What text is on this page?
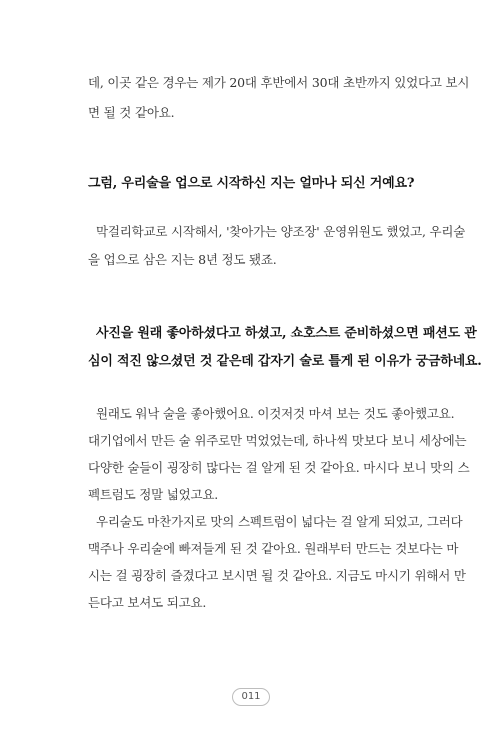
데, 이곳 같은 경우는 제가 20대 후반에서 30대 초반까지 있었다고 보시
면 될 것 같아요.
그럼, 우리술을 업으로 시작하신 지는 얼마나 되신 거예요?
막걸리학교로 시작해서, '찾아가는 양조장' 운영위원도 했었고, 우리술
을 업으로 삼은 지는 8년 정도 됐죠.
사진을 원래 좋아하셨다고 하셨고, 쇼호스트 준비하셨으면 패션도 관
심이 적진 않으셨던 것 같은데 갑자기 술로 틀게 된 이유가 궁금하네요.
원래도 워낙 술을 좋아했어요. 이것저것 마셔 보는 것도 좋아했고요.
대기업에서 만든 술 위주로만 먹었었는데, 하나씩 맛보다 보니 세상에는
다양한 술들이 굉장히 많다는 걸 알게 된 것 같아요. 마시다 보니 맛의 스
펙트럼도 정말 넓었고요.
우리술도 마찬가지로 맛의 스펙트럼이 넓다는 걸 알게 되었고, 그러다
맥주나 우리술에 빠져들게 된 것 같아요. 원래부터 만드는 것보다는 마
시는 걸 굉장히 즐겼다고 보시면 될 것 같아요. 지금도 마시기 위해서 만
든다고 보셔도 되고요.
011
